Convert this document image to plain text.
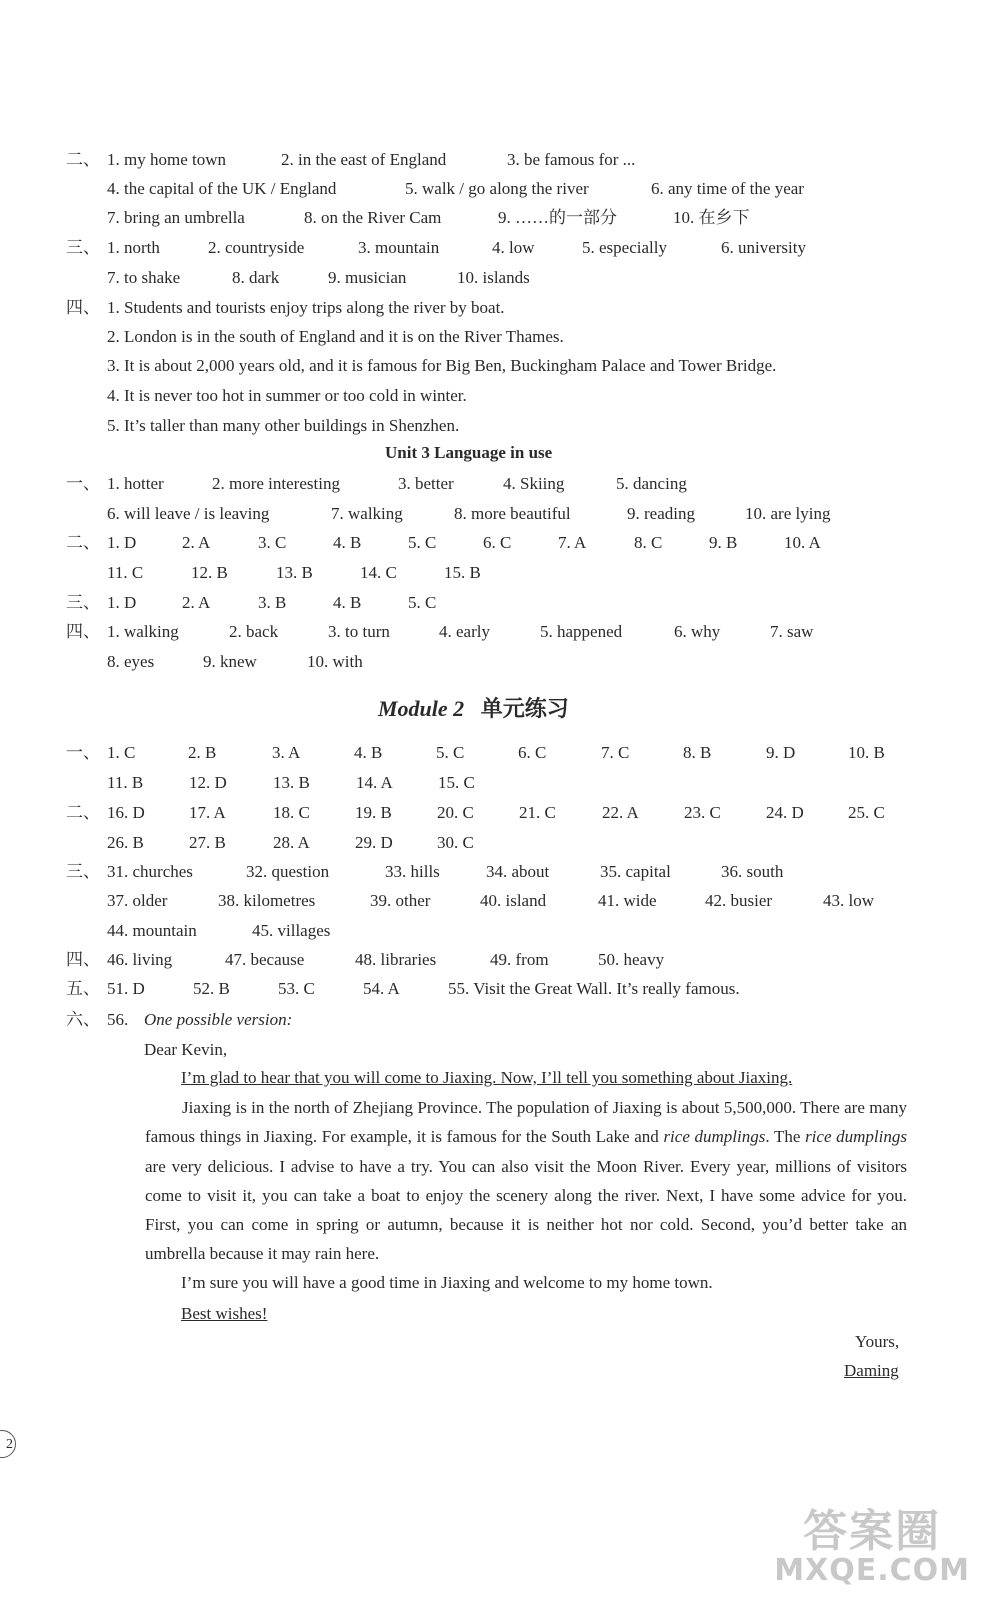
二、 1. my home town	2. in the east of England	3. be famous for ...
4. the capital of the UK / England	5. walk / go along the river	6. any time of the year
7. bring an umbrella	8. on the River Cam	9. ……的一部分	10. 在乡下
三、 1. north	2. countryside	3. mountain	4. low	5. especially	6. university
7. to shake	8. dark	9. musician	10. islands
四、 1. Students and tourists enjoy trips along the river by boat.
2. London is in the south of England and it is on the River Thames.
3. It is about 2,000 years old, and it is famous for Big Ben, Buckingham Palace and Tower Bridge.
4. It is never too hot in summer or too cold in winter.
5. It’s taller than many other buildings in Shenzhen.
Unit 3 Language in use
一、 1. hotter	2. more interesting	3. better	4. Skiing	5. dancing
6. will leave / is leaving	7. walking	8. more beautiful	9. reading	10. are lying
二、 1. D	2. A	3. C	4. B	5. C	6. C	7. A	8. C	9. B	10. A
11. C	12. B	13. B	14. C	15. B
三、 1. D	2. A	3. B	4. B	5. C
四、 1. walking	2. back	3. to turn	4. early	5. happened	6. why	7. saw
8. eyes	9. knew	10. with
Module 2 单元练习
一、 1. C	2. B	3. A	4. B	5. C	6. C	7. C	8. B	9. D	10. B
11. B	12. D	13. B	14. A	15. C
二、 16. D	17. A	18. C	19. B	20. C	21. C	22. A	23. C	24. D	25. C
26. B	27. B	28. A	29. D	30. C
三、 31. churches	32. question	33. hills	34. about	35. capital	36. south
37. older	38. kilometres	39. other	40. island	41. wide	42. busier	43. low
44. mountain	45. villages
四、 46. living	47. because	48. libraries	49. from	50. heavy
五、 51. D	52. B	53. C	54. A	55. Visit the Great Wall. It’s really famous.
六、 56. One possible version:
Dear Kevin,
I’m glad to hear that you will come to Jiaxing. Now, I’ll tell you something about Jiaxing.
Jiaxing is in the north of Zhejiang Province. The population of Jiaxing is about 5,500,000. There are many famous things in Jiaxing. For example, it is famous for the South Lake and rice dumplings. The rice dumplings are very delicious. I advise to have a try. You can also visit the Moon River. Every year, millions of visitors come to visit it, you can take a boat to enjoy the scenery along the river. Next, I have some advice for you. First, you can come in spring or autumn, because it is neither hot nor cold. Second, you’d better take an umbrella because it may rain here.
I’m sure you will have a good time in Jiaxing and welcome to my home town.
Best wishes!
Yours,
Daming
2
答案圈
MXQE.COM
